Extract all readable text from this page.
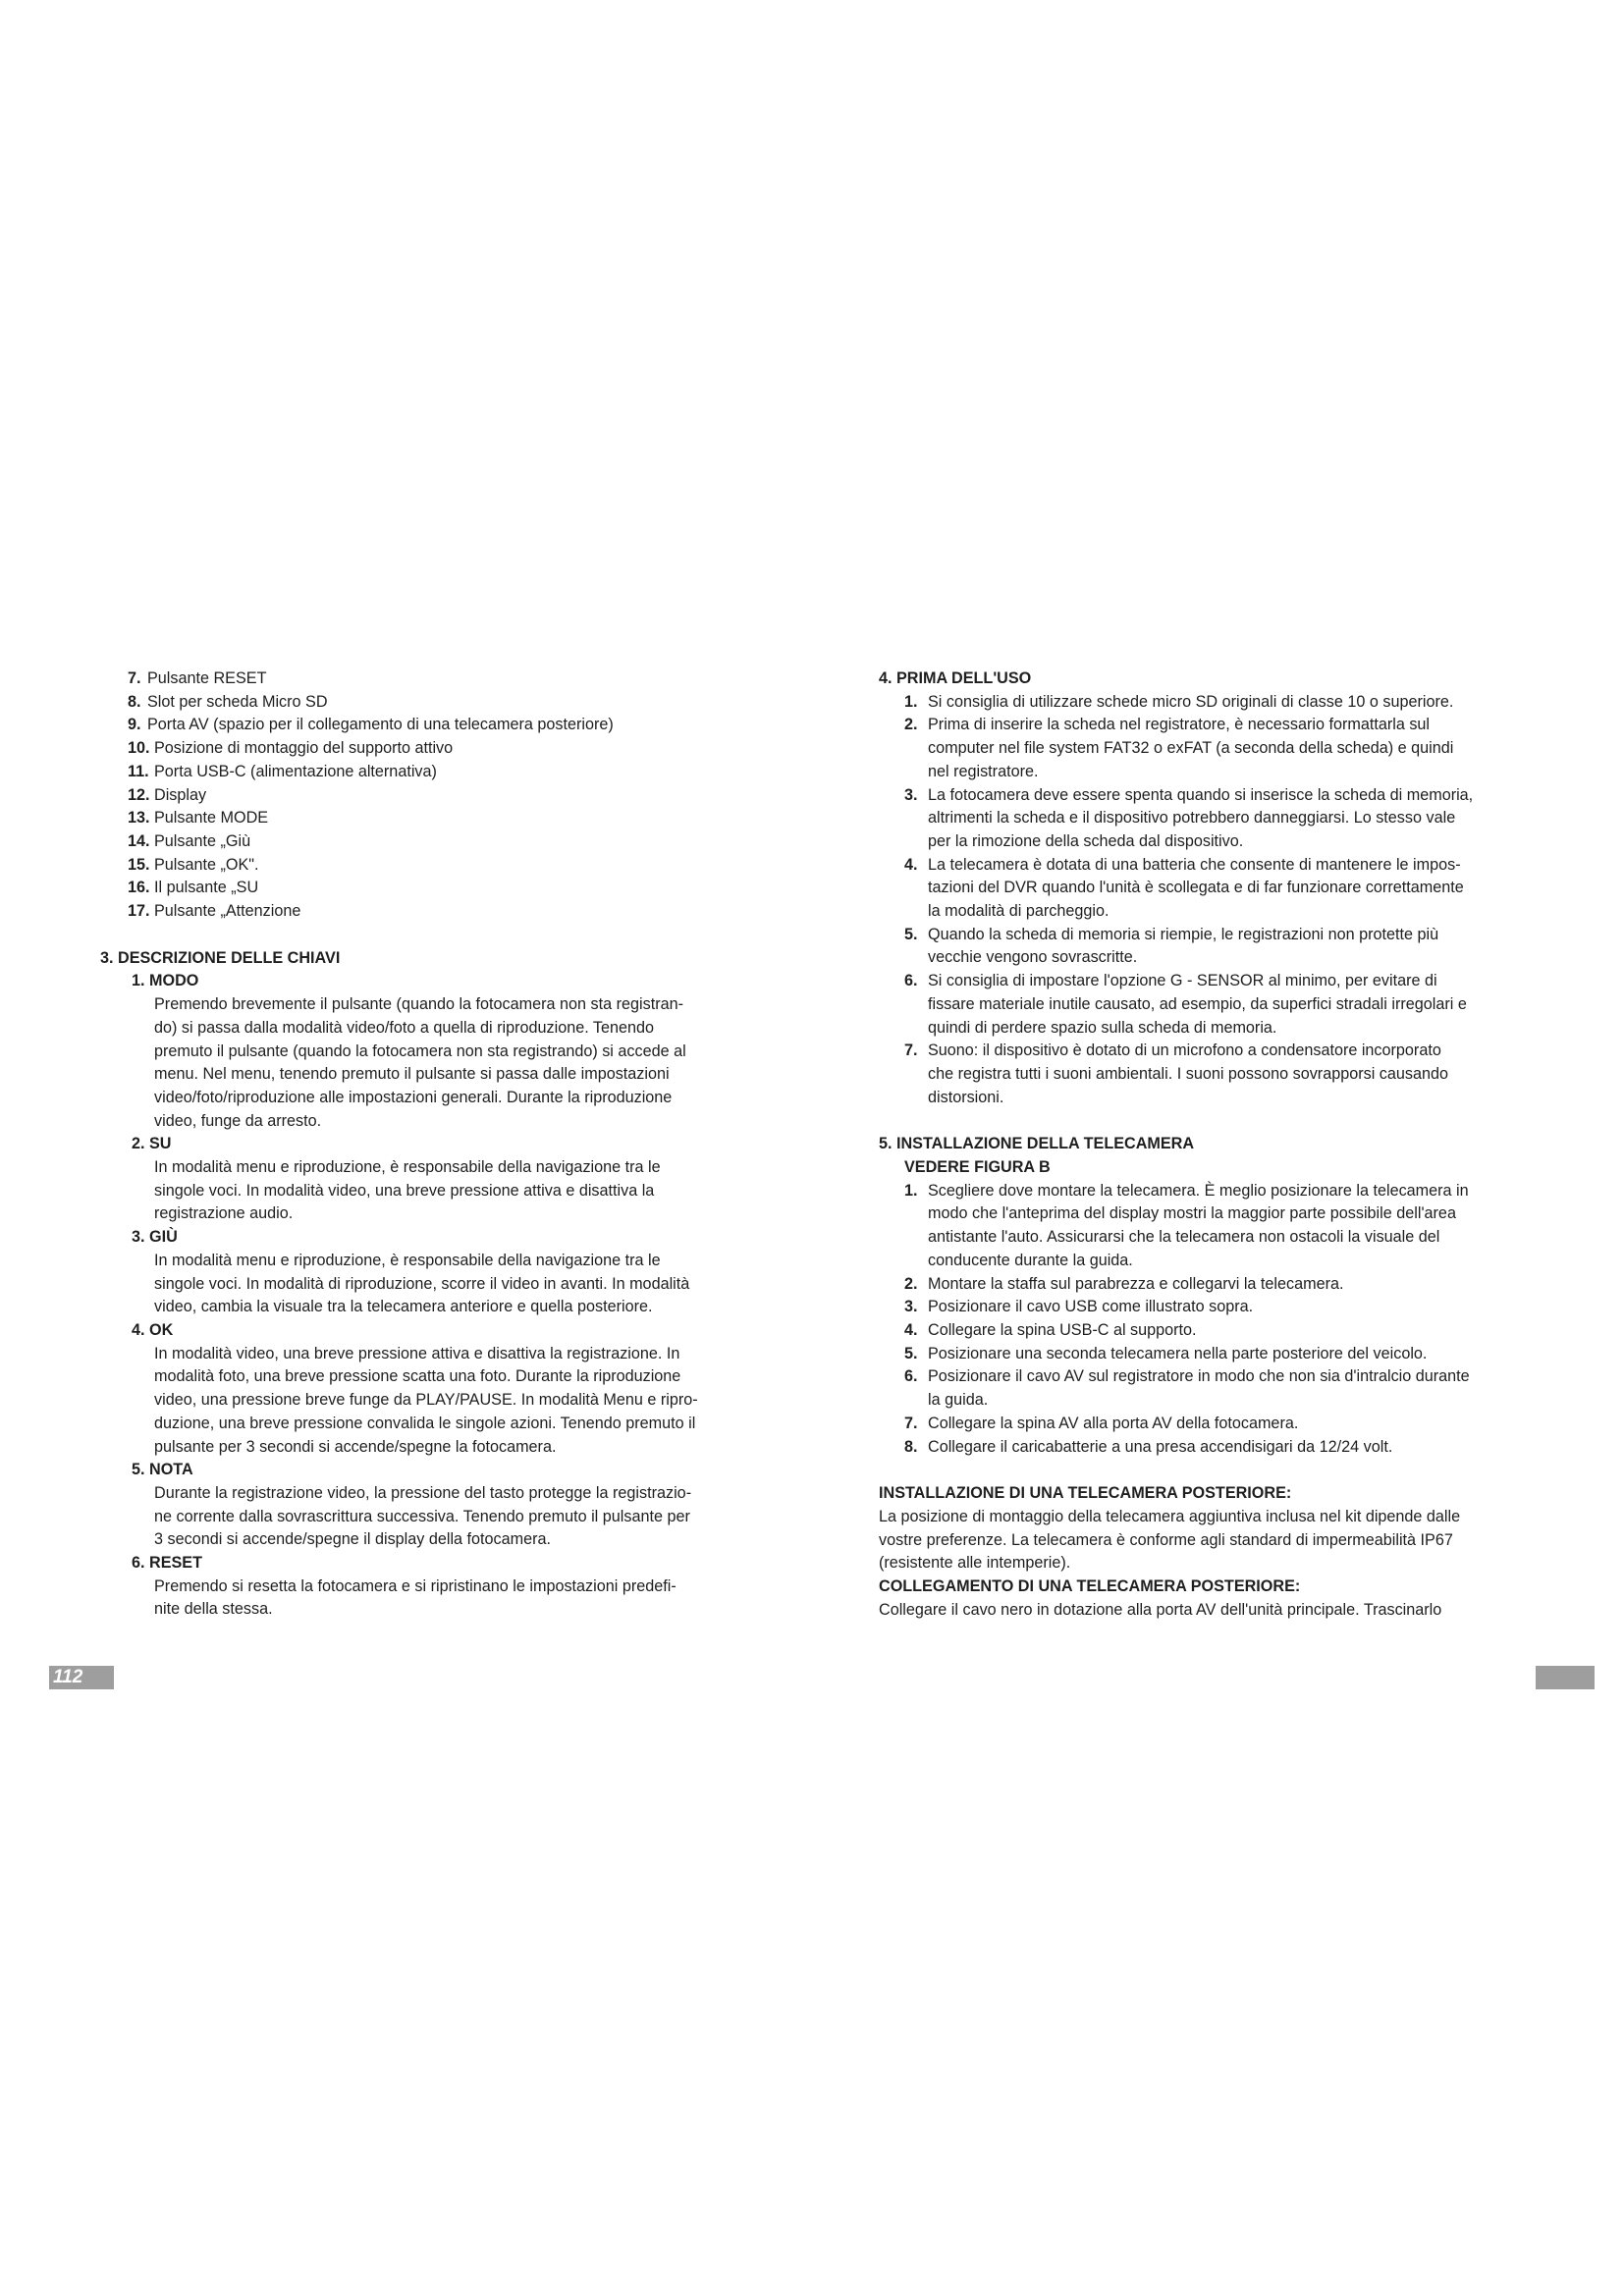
7. Pulsante RESET
8. Slot per scheda Micro SD
9. Porta AV (spazio per il collegamento di una telecamera posteriore)
10. Posizione di montaggio del supporto attivo
11. Porta USB-C (alimentazione alternativa)
12. Display
13. Pulsante MODE
14. Pulsante „Giù
15. Pulsante „OK".
16. Il pulsante „SU
17. Pulsante „Attenzione
3. DESCRIZIONE DELLE CHIAVI
1. MODO
Premendo brevemente il pulsante (quando la fotocamera non sta registran-
do) si passa dalla modalità video/foto a quella di riproduzione. Tenendo
premuto il pulsante (quando la fotocamera non sta registrando) si accede al
menu. Nel menu, tenendo premuto il pulsante si passa dalle impostazioni
video/foto/riproduzione alle impostazioni generali. Durante la riproduzione
video, funge da arresto.
2. SU
In modalità menu e riproduzione, è responsabile della navigazione tra le
singole voci. In modalità video, una breve pressione attiva e disattiva la
registrazione audio.
3. GIÙ
In modalità menu e riproduzione, è responsabile della navigazione tra le
singole voci. In modalità di riproduzione, scorre il video in avanti. In modalità
video, cambia la visuale tra la telecamera anteriore e quella posteriore.
4. OK
In modalità video, una breve pressione attiva e disattiva la registrazione. In
modalità foto, una breve pressione scatta una foto. Durante la riproduzione
video, una pressione breve funge da PLAY/PAUSE. In modalità Menu e ripro-
duzione, una breve pressione convalida le singole azioni. Tenendo premuto il
pulsante per 3 secondi si accende/spegne la fotocamera.
5. NOTA
Durante la registrazione video, la pressione del tasto protegge la registrazio-
ne corrente dalla sovrascrittura successiva. Tenendo premuto il pulsante per
3 secondi si accende/spegne il display della fotocamera.
6. RESET
Premendo si resetta la fotocamera e si ripristinano le impostazioni predefi-
nite della stessa.
4. PRIMA DELL'USO
1. Si consiglia di utilizzare schede micro SD originali di classe 10 o superiore.
2. Prima di inserire la scheda nel registratore, è necessario formattarla sul
computer nel file system FAT32 o exFAT (a seconda della scheda) e quindi
nel registratore.
3. La fotocamera deve essere spenta quando si inserisce la scheda di memoria,
altrimenti la scheda e il dispositivo potrebbero danneggiarsi. Lo stesso vale
per la rimozione della scheda dal dispositivo.
4. La telecamera è dotata di una batteria che consente di mantenere le impos-
tazioni del DVR quando l'unità è scollegata e di far funzionare correttamente
la modalità di parcheggio.
5. Quando la scheda di memoria si riempie, le registrazioni non protette più
vecchie vengono sovrascritte.
6. Si consiglia di impostare l'opzione G - SENSOR al minimo, per evitare di
fissare materiale inutile causato, ad esempio, da superfici stradali irregolari e
quindi di perdere spazio sulla scheda di memoria.
7. Suono: il dispositivo è dotato di un microfono a condensatore incorporato
che registra tutti i suoni ambientali. I suoni possono sovrapporsi causando
distorsioni.
5. INSTALLAZIONE DELLA TELECAMERA
VEDERE FIGURA B
1. Scegliere dove montare la telecamera. È meglio posizionare la telecamera in
modo che l'anteprima del display mostri la maggior parte possibile dell'area
antistante l'auto. Assicurarsi che la telecamera non ostacoli la visuale del
conducente durante la guida.
2. Montare la staffa sul parabrezza e collegarvi la telecamera.
3. Posizionare il cavo USB come illustrato sopra.
4. Collegare la spina USB-C al supporto.
5. Posizionare una seconda telecamera nella parte posteriore del veicolo.
6. Posizionare il cavo AV sul registratore in modo che non sia d'intralcio durante
la guida.
7. Collegare la spina AV alla porta AV della fotocamera.
8. Collegare il caricabatterie a una presa accendisigari da 12/24 volt.
INSTALLAZIONE DI UNA TELECAMERA POSTERIORE:
La posizione di montaggio della telecamera aggiuntiva inclusa nel kit dipende dalle
vostre preferenze. La telecamera è conforme agli standard di impermeabilità IP67
(resistente alle intemperie).
COLLEGAMENTO DI UNA TELECAMERA POSTERIORE:
Collegare il cavo nero in dotazione alla porta AV dell'unità principale. Trascinarlo
112
